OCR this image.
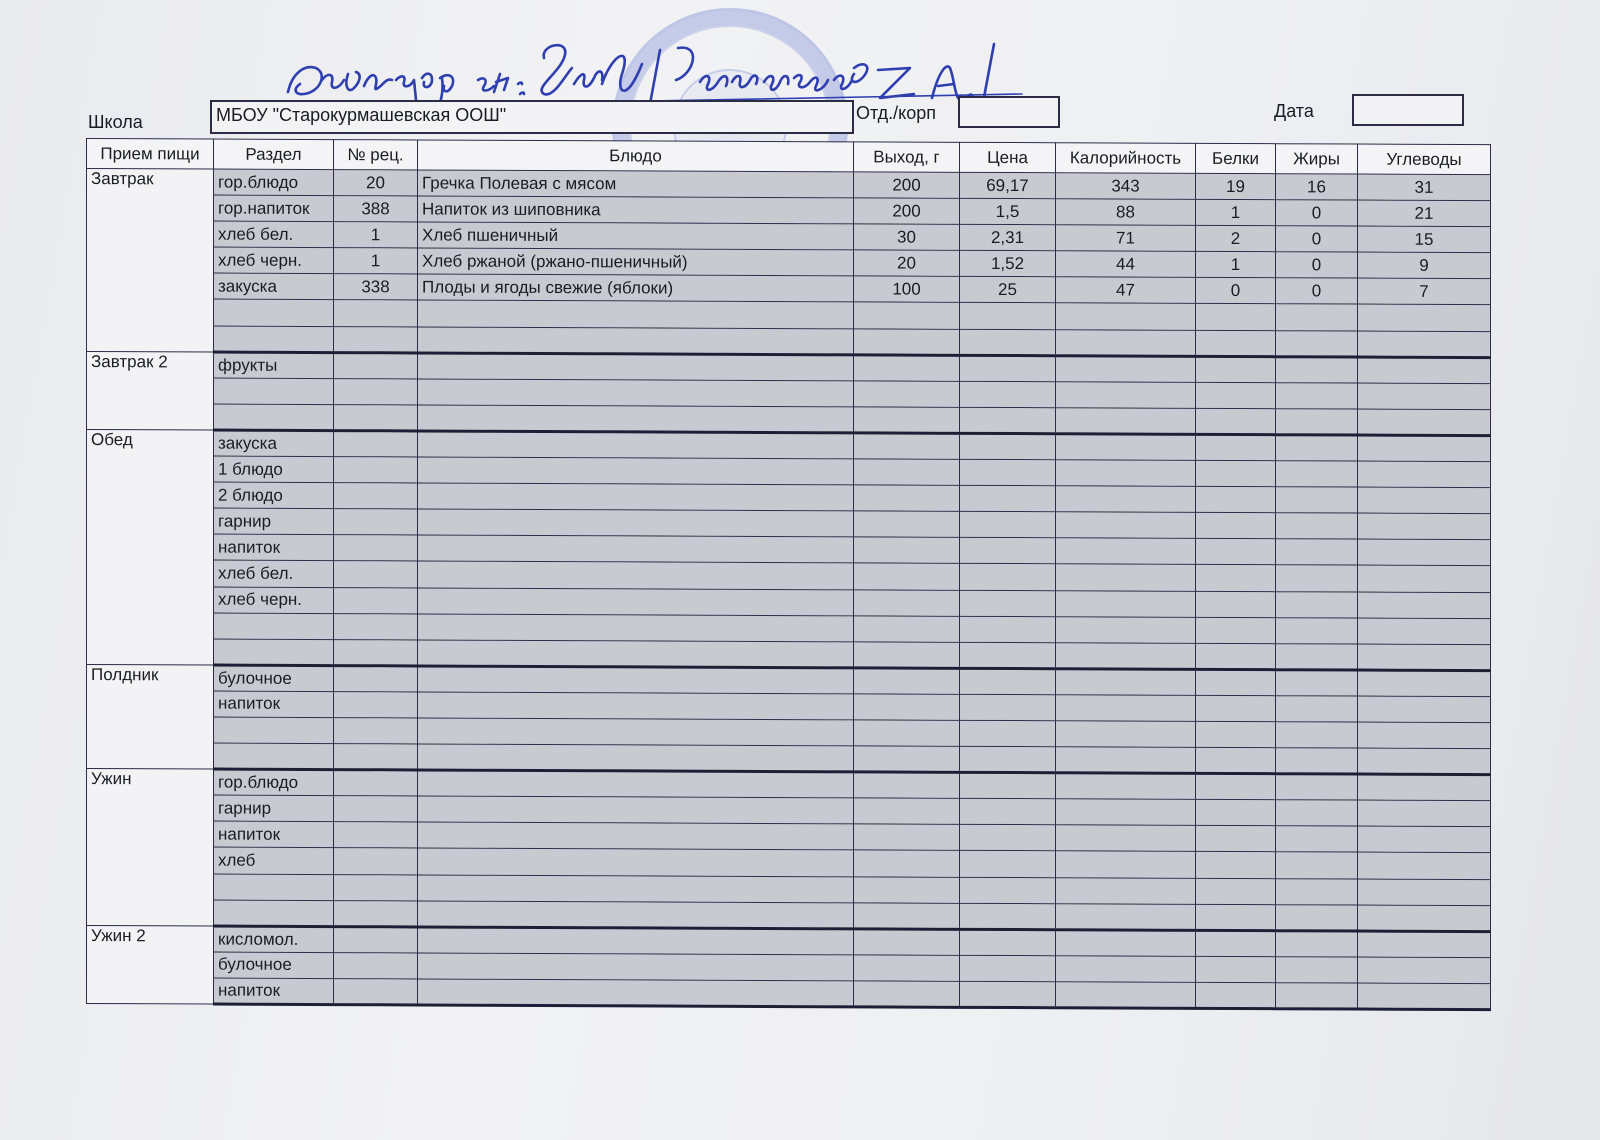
Школа	МБОУ "Старокурмашевская ООШ"	Отд./корп	Дата
Прием пищи	Раздел	№ рец.	Блюдо	Выход, г	Цена	Калорийность	Белки	Жиры	Углеводы
Завтрак	гор.блюдо	20	Гречка Полевая с мясом	200	69,17	343	19	16	31
	гор.напиток	388	Напиток из шиповника	200	1,5	88	1	0	21
	хлеб бел.	1	Хлеб пшеничный	30	2,31	71	2	0	15
	хлеб черн.	1	Хлеб ржаной (ржано-пшеничный)	20	1,52	44	1	0	9
	закуска	338	Плоды и ягоды свежие (яблоки)	100	25	47	0	0	7

Завтрак 2	фрукты								

Обед	закуска								
	1 блюдо								
	2 блюдо								
	гарнир								
	напиток								
	хлеб бел.								
	хлеб черн.								

Полдник	булочное								
	напиток								

Ужин	гор.блюдо								
	гарнир								
	напиток								
	хлеб								

Ужин 2	кисломол.								
	булочное								
	напиток								
